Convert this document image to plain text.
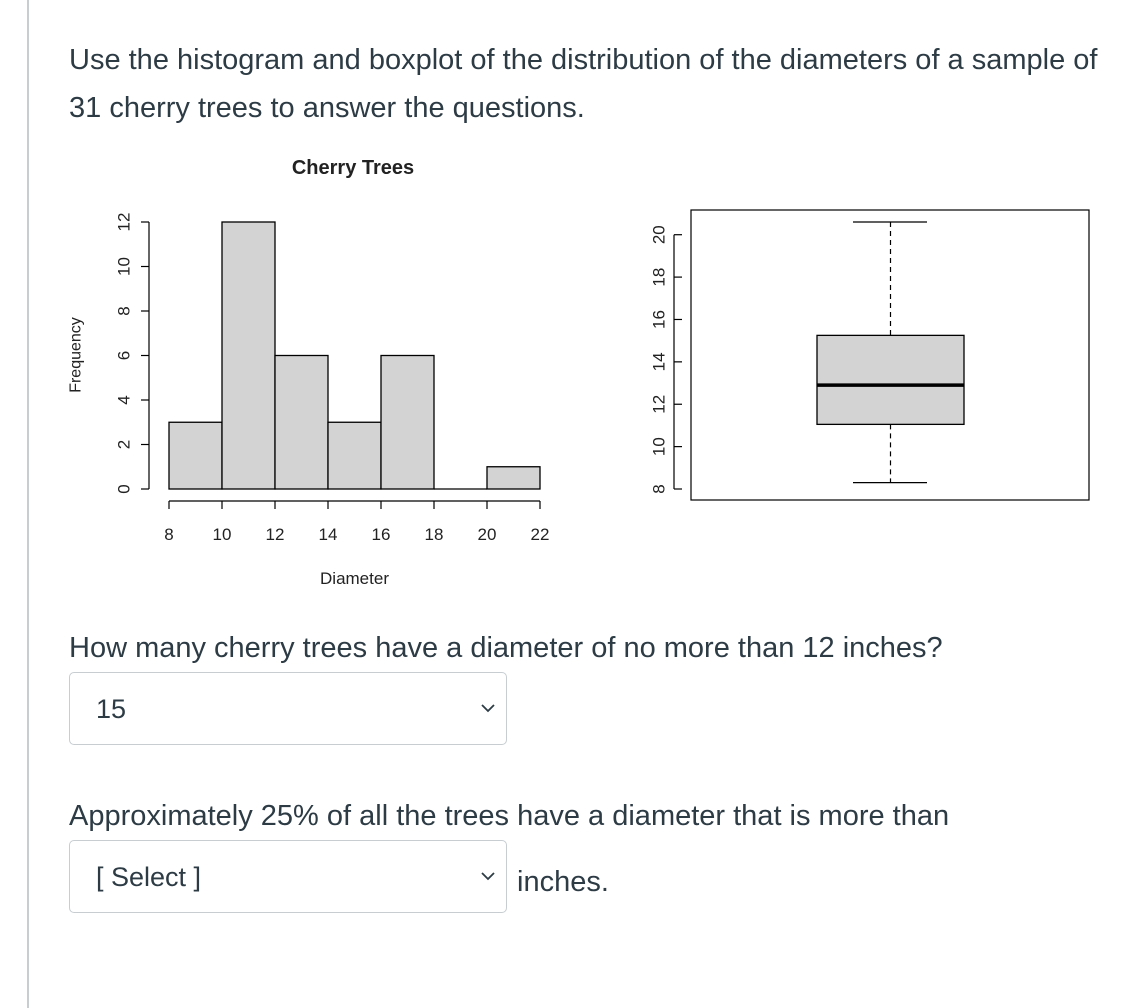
Use the histogram and boxplot of the distribution of the diameters of a sample of 31 cherry trees to answer the questions.
Cherry Trees
8 10 12 14 16 18 20 22
Diameter
0
2
4
6
8
10
12
Frequency
8
10
12
14
16
18
20
How many cherry trees have a diameter of no more than 12 inches?
15
Approximately 25% of all the trees have a diameter that is more than
[ Select ]	inches.
